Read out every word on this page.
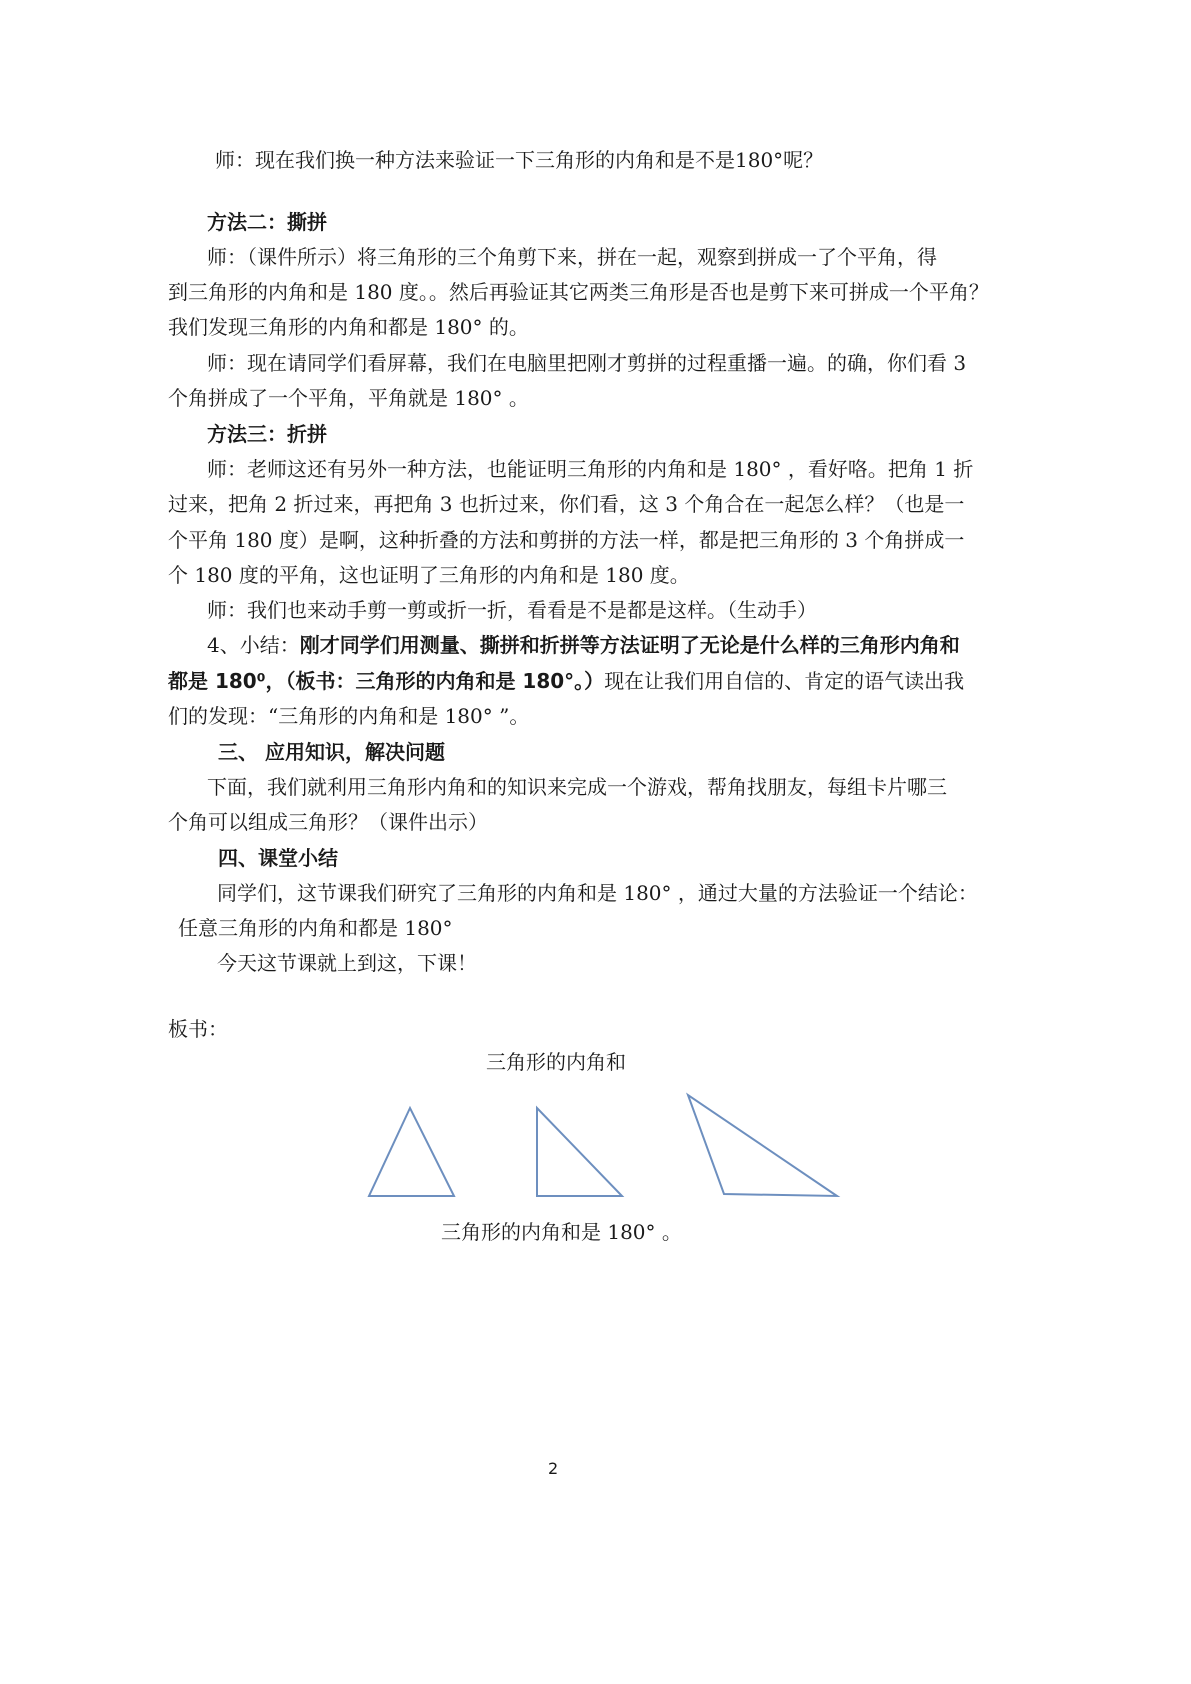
师：现在我们换一种方法来验证一下三角形的内角和是不是180°呢？
方法二：撕拼
师：（课件所示）将三角形的三个角剪下来，拼在一起，观察到拼成一了个平角，得
到三角形的内角和是 180 度。。然后再验证其它两类三角形是否也是剪下来可拼成一个平角？
我们发现三角形的内角和都是 180° 的。
师：现在请同学们看屏幕，我们在电脑里把刚才剪拼的过程重播一遍。的确，你们看 3
个角拼成了一个平角，平角就是 180° 。
方法三：折拼
师：老师这还有另外一种方法，也能证明三角形的内角和是 180° ，看好咯。把角 1 折
过来，把角 2 折过来，再把角 3 也折过来，你们看，这 3 个角合在一起怎么样？（也是一
个平角 180 度）是啊，这种折叠的方法和剪拼的方法一样，都是把三角形的 3 个角拼成一
个 180 度的平角，这也证明了三角形的内角和是 180 度。
师：我们也来动手剪一剪或折一折，看看是不是都是这样。（生动手）
4、小结：刚才同学们用测量、撕拼和折拼等方法证明了无论是什么样的三角形内角和
都是 180⁰，（板书：三角形的内角和是 180°。）现在让我们用自信的、肯定的语气读出我
们的发现：“三角形的内角和是 180° ”。
三、 应用知识，解决问题
下面，我们就利用三角形内角和的知识来完成一个游戏，帮角找朋友，每组卡片哪三
个角可以组成三角形？（课件出示）
四、课堂小结
同学们，这节课我们研究了三角形的内角和是 180° ，通过大量的方法验证一个结论：
任意三角形的内角和都是 180°
今天这节课就上到这，下课！
板书：
三角形的内角和
三角形的内角和是 180° 。
2
